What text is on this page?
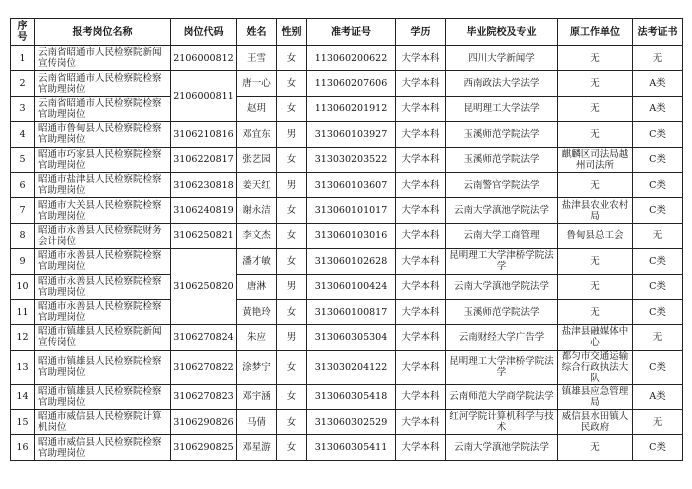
序号	报考岗位名称	岗位代码	姓名	性别	准考证号	学历	毕业院校及专业	原工作单位	法考证书
1	云南省昭通市人民检察院新闻宣传岗位	2106000812	王雪	女	113060200622	大学本科	四川大学新闻学	无	无
2	云南省昭通市人民检察院检察官助理岗位	2106000811	唐一心	女	113060207606	大学本科	西南政法大学法学	无	A类
3	云南省昭通市人民检察院检察官助理岗位		赵玥	女	113060201912	大学本科	昆明理工大学法学	无	A类
4	昭通市鲁甸县人民检察院检察官助理岗位	3106210816	邓宜东	男	313060103927	大学本科	玉溪师范学院法学	无	C类
5	昭通市巧家县人民检察院检察官助理岗位	3106220817	张艺园	女	313030203522	大学本科	玉溪师范学院法学	麒麟区司法局越州司法所	C类
6	昭通市盐津县人民检察院检察官助理岗位	3106230818	姜天红	男	313060103607	大学本科	云南警官学院法学	无	C类
7	昭通市大关县人民检察院检察官助理岗位	3106240819	谢永洁	女	313060101017	大学本科	云南大学滇池学院法学	盐津县农业农村局	C类
8	昭通市永善县人民检察院财务会计岗位	3106250821	李文杰	女	313060103016	大学本科	云南大学工商管理	鲁甸县总工会	无
9	昭通市永善县人民检察院检察官助理岗位	3106250820	潘才敏	女	313060102628	大学本科	昆明理工大学津桥学院法学	无	C类
10	昭通市永善县人民检察院检察官助理岗位		唐淋	男	313060100424	大学本科	云南大学滇池学院法学	无	C类
11	昭通市永善县人民检察院检察官助理岗位		黄艳玲	女	313060100817	大学本科	玉溪师范学院法学	无	C类
12	昭通市镇雄县人民检察院新闻宣传岗位	3106270824	朱应	男	313060305304	大学本科	云南财经大学广告学	盐津县融媒体中心	无
13	昭通市镇雄县人民检察院检察官助理岗位	3106270822	涂梦宁	女	313030204122	大学本科	昆明理工大学津桥学院法学	都匀市交通运输综合行政执法大队	C类
14	昭通市镇雄县人民检察院检察官助理岗位	3106270823	邓宇涵	女	313060305418	大学本科	云南师范大学商学院法学	镇雄县应急管理局	A类
15	昭通市威信县人民检察院计算机岗位	3106290826	马倩	女	313060302529	大学本科	红河学院计算机科学与技术	威信县水田镇人民政府	无
16	昭通市威信县人民检察院检察官助理岗位	3106290825	邓星游	女	313060305411	大学本科	云南大学滇池学院法学	无	C类
